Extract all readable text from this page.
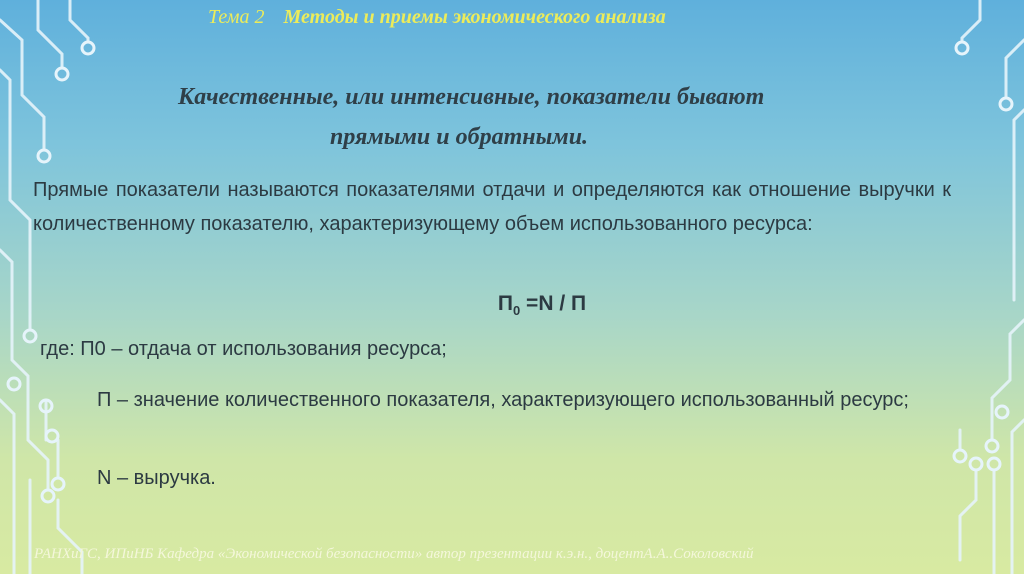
Тема 2 Методы и приемы экономического анализа
Качественные, или интенсивные, показатели бывают
прямыми и обратными.
Прямые показатели называются показателями отдачи и определяются как отношение выручки к количественному показателю, характеризующему объем использованного ресурса:
$П_0 =N / П$
где: П0 – отдача от использования ресурса;
П – значение количественного показателя, характеризующего использованный ресурс;
N – выручка.
РАНХиГС, ИПиНБ Кафедра «Экономической безопасности» автор презентации к.э.н., доцентА.А..Соколовский
